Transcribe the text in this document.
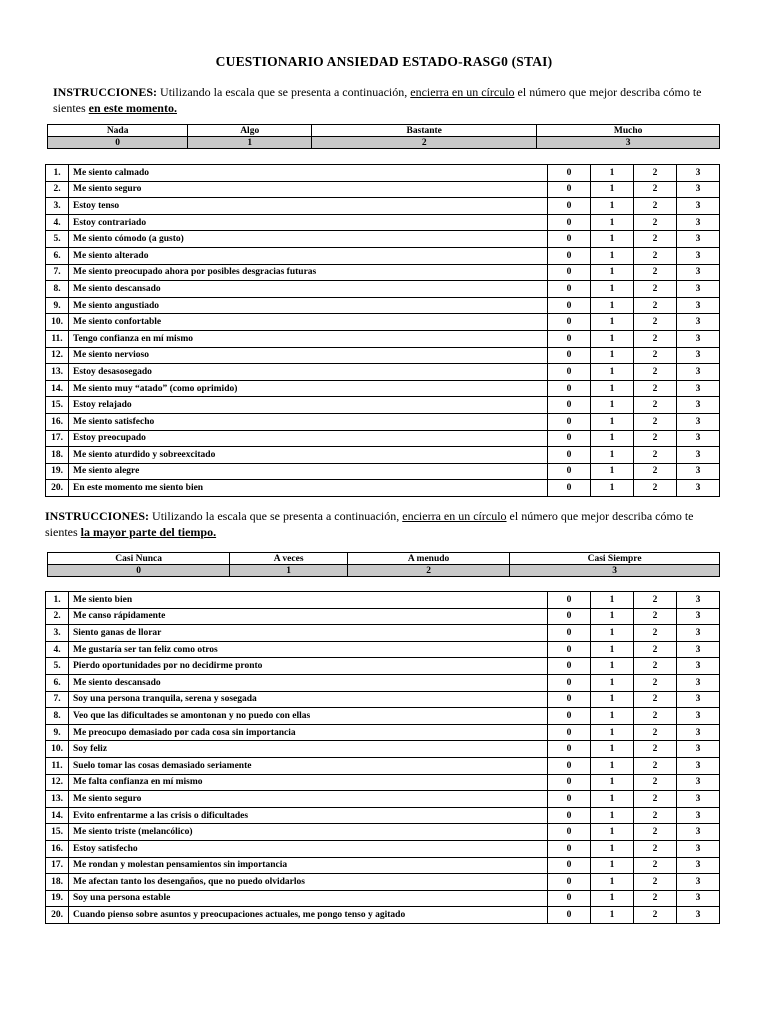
CUESTIONARIO ANSIEDAD ESTADO-RASG0 (STAI)
INSTRUCCIONES: Utilizando la escala que se presenta a continuación, encierra en un círculo el número que mejor describa cómo te sientes en este momento.
Nada	Algo	Bastante	Mucho
0	1	2	3
1.	Me siento calmado	0	1	2	3
2.	Me siento seguro	0	1	2	3
3.	Estoy tenso	0	1	2	3
4.	Estoy contrariado	0	1	2	3
5.	Me siento cómodo (a gusto)	0	1	2	3
6.	Me siento alterado	0	1	2	3
7.	Me siento preocupado ahora por posibles desgracias futuras	0	1	2	3
8.	Me siento descansado	0	1	2	3
9.	Me siento angustiado	0	1	2	3
10.	Me siento confortable	0	1	2	3
11.	Tengo confianza en mí mismo	0	1	2	3
12.	Me siento nervioso	0	1	2	3
13.	Estoy desasosegado	0	1	2	3
14.	Me siento muy “atado” (como oprimido)	0	1	2	3
15.	Estoy relajado	0	1	2	3
16.	Me siento satisfecho	0	1	2	3
17.	Estoy preocupado	0	1	2	3
18.	Me siento aturdido y sobreexcitado	0	1	2	3
19.	Me siento alegre	0	1	2	3
20.	En este momento me siento bien	0	1	2	3
INSTRUCCIONES: Utilizando la escala que se presenta a continuación, encierra en un círculo el número que mejor describa cómo te sientes la mayor parte del tiempo.
Casi Nunca	A veces	A menudo	Casi Siempre
0	1	2	3
1.	Me siento bien	0	1	2	3
2.	Me canso rápidamente	0	1	2	3
3.	Siento ganas de llorar	0	1	2	3
4.	Me gustaría ser tan feliz como otros	0	1	2	3
5.	Pierdo oportunidades por no decidirme pronto	0	1	2	3
6.	Me siento descansado	0	1	2	3
7.	Soy una persona tranquila, serena y sosegada	0	1	2	3
8.	Veo que las dificultades se amontonan y no puedo con ellas	0	1	2	3
9.	Me preocupo demasiado por cada cosa sin importancia	0	1	2	3
10.	Soy feliz	0	1	2	3
11.	Suelo tomar las cosas demasiado seriamente	0	1	2	3
12.	Me falta confianza en mí mismo	0	1	2	3
13.	Me siento seguro	0	1	2	3
14.	Evito enfrentarme a las crisis o dificultades	0	1	2	3
15.	Me siento triste (melancólico)	0	1	2	3
16.	Estoy satisfecho	0	1	2	3
17.	Me rondan y molestan pensamientos sin importancia	0	1	2	3
18.	Me afectan tanto los desengaños, que no puedo olvidarlos	0	1	2	3
19.	Soy una persona estable	0	1	2	3
20.	Cuando pienso sobre asuntos y preocupaciones actuales, me pongo tenso y agitado	0	1	2	3
